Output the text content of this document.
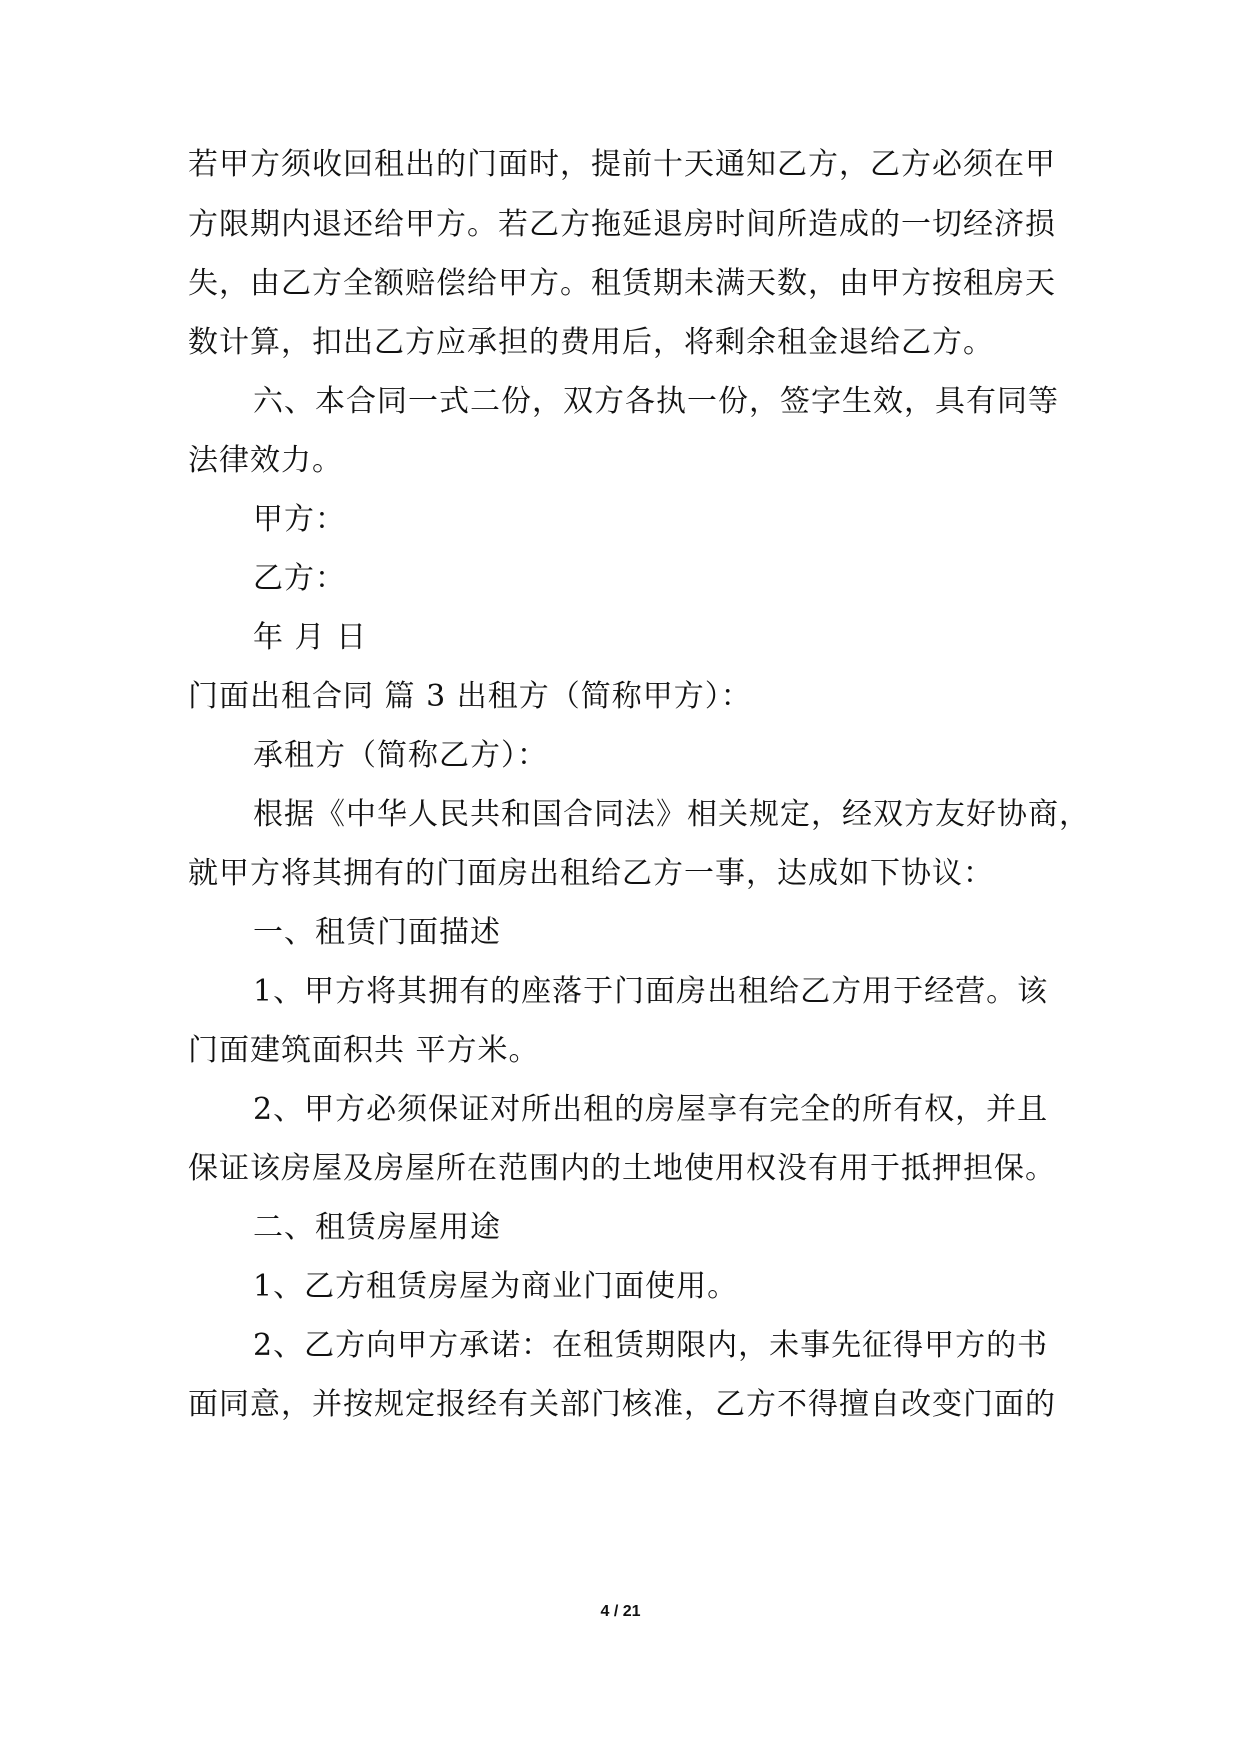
若甲方须收回租出的门面时，提前十天通知乙方，乙方必须在甲
方限期内退还给甲方。若乙方拖延退房时间所造成的一切经济损
失，由乙方全额赔偿给甲方。租赁期未满天数，由甲方按租房天
数计算，扣出乙方应承担的费用后，将剩余租金退给乙方。
六、本合同一式二份，双方各执一份，签字生效，具有同等
法律效力。
甲方：
乙方：
年 月 日
门面出租合同 篇 3 出租方（简称甲方）：
承租方（简称乙方）：
根据《中华人民共和国合同法》相关规定，经双方友好协商，
就甲方将其拥有的门面房出租给乙方一事，达成如下协议：
一、租赁门面描述
1、甲方将其拥有的座落于门面房出租给乙方用于经营。该
门面建筑面积共 平方米。
2、甲方必须保证对所出租的房屋享有完全的所有权，并且
保证该房屋及房屋所在范围内的土地使用权没有用于抵押担保。
二、租赁房屋用途
1、乙方租赁房屋为商业门面使用。
2、乙方向甲方承诺：在租赁期限内，未事先征得甲方的书
面同意，并按规定报经有关部门核准，乙方不得擅自改变门面的
4 / 21
